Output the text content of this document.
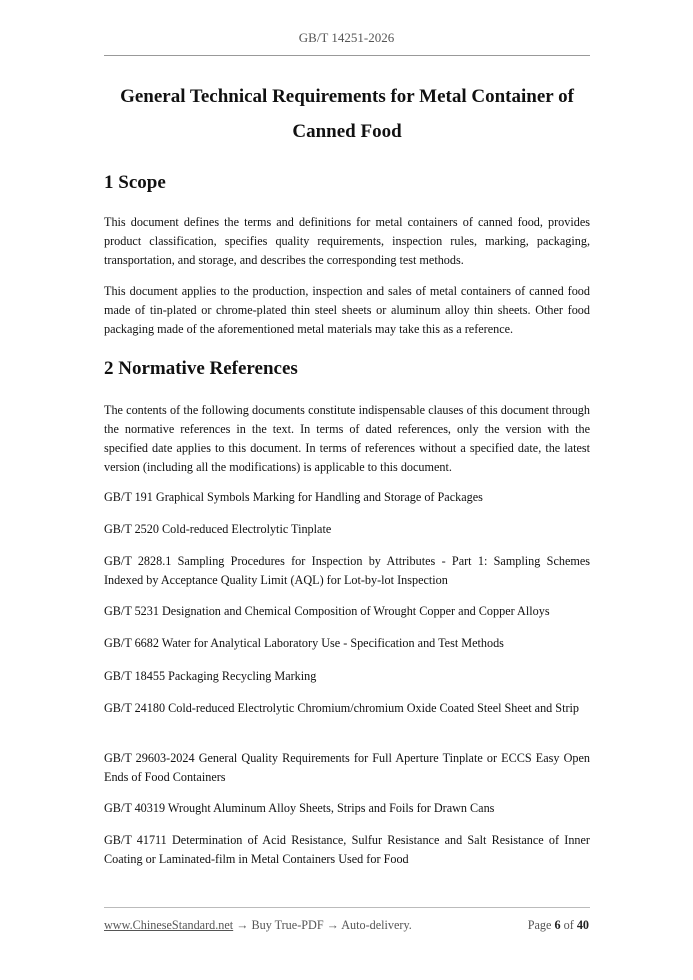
GB/T 14251-2026
General Technical Requirements for Metal Container of
Canned Food
1 Scope

This document defines the terms and definitions for metal containers of canned food, provides product classification, specifies quality requirements, inspection rules, marking, packaging, transportation, and storage, and describes the corresponding test methods.

This document applies to the production, inspection and sales of metal containers of canned food made of tin-plated or chrome-plated thin steel sheets or aluminum alloy thin sheets. Other food packaging made of the aforementioned metal materials may take this as a reference.

2 Normative References

The contents of the following documents constitute indispensable clauses of this document through the normative references in the text. In terms of dated references, only the version with the specified date applies to this document. In terms of references without a specified date, the latest version (including all the modifications) is applicable to this document.

GB/T 191 Graphical Symbols Marking for Handling and Storage of Packages

GB/T 2520 Cold-reduced Electrolytic Tinplate

GB/T 2828.1 Sampling Procedures for Inspection by Attributes - Part 1: Sampling Schemes Indexed by Acceptance Quality Limit (AQL) for Lot-by-lot Inspection

GB/T 5231 Designation and Chemical Composition of Wrought Copper and Copper Alloys

GB/T 6682 Water for Analytical Laboratory Use - Specification and Test Methods

GB/T 18455 Packaging Recycling Marking

GB/T 24180 Cold-reduced Electrolytic Chromium/chromium Oxide Coated Steel Sheet and Strip

GB/T 29603-2024 General Quality Requirements for Full Aperture Tinplate or ECCS Easy Open Ends of Food Containers

GB/T 40319 Wrought Aluminum Alloy Sheets, Strips and Foils for Drawn Cans

GB/T 41711 Determination of Acid Resistance, Sulfur Resistance and Salt Resistance of Inner Coating or Laminated-film in Metal Containers Used for Food

www.ChineseStandard.net → Buy True-PDF → Auto-delivery.	Page 6 of 40
